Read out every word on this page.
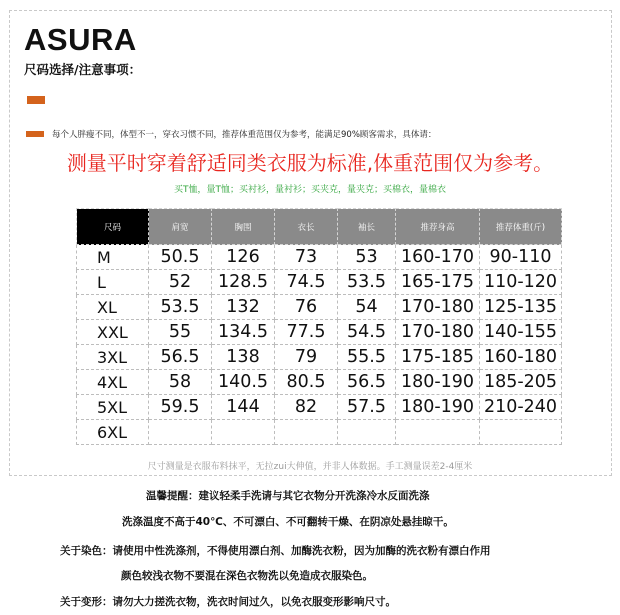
ASURA
尺码选择/注意事项：
每个人胖瘦不同，体型不一，穿衣习惯不同，推荐体重范围仅为参考，能满足90%顾客需求，具体请：
测量平时穿着舒适同类衣服为标准,体重范围仅为参考。
买T恤，量T恤；买衬衫，量衬衫；买夹克，量夹克；买棉衣，量棉衣
尺码	肩宽	胸围	衣长	袖长	推荐身高	推荐体重(斤)
M	50.5	126	73	53	160-170	90-110
L	52	128.5	74.5	53.5	165-175	110-120
XL	53.5	132	76	54	170-180	125-135
XXL	55	134.5	77.5	54.5	170-180	140-155
3XL	56.5	138	79	55.5	175-185	160-180
4XL	58	140.5	80.5	56.5	180-190	185-205
5XL	59.5	144	82	57.5	180-190	210-240
6XL						
尺寸测量是衣服布料抹平，无拉zui大伸值，并非人体数据。手工测量误差2-4厘米
温馨提醒：建议轻柔手洗请与其它衣物分开洗涤冷水反面洗涤
洗涤温度不高于40℃、不可漂白、不可翻转干燥、在阴凉处悬挂晾干。
关于染色：请使用中性洗涤剂，不得使用漂白剂、加酶洗衣粉，因为加酶的洗衣粉有漂白作用
颜色较浅衣物不要混在深色衣物洗以免造成衣服染色。
关于变形：请勿大力搓洗衣物，洗衣时间过久，以免衣服变形影响尺寸。
